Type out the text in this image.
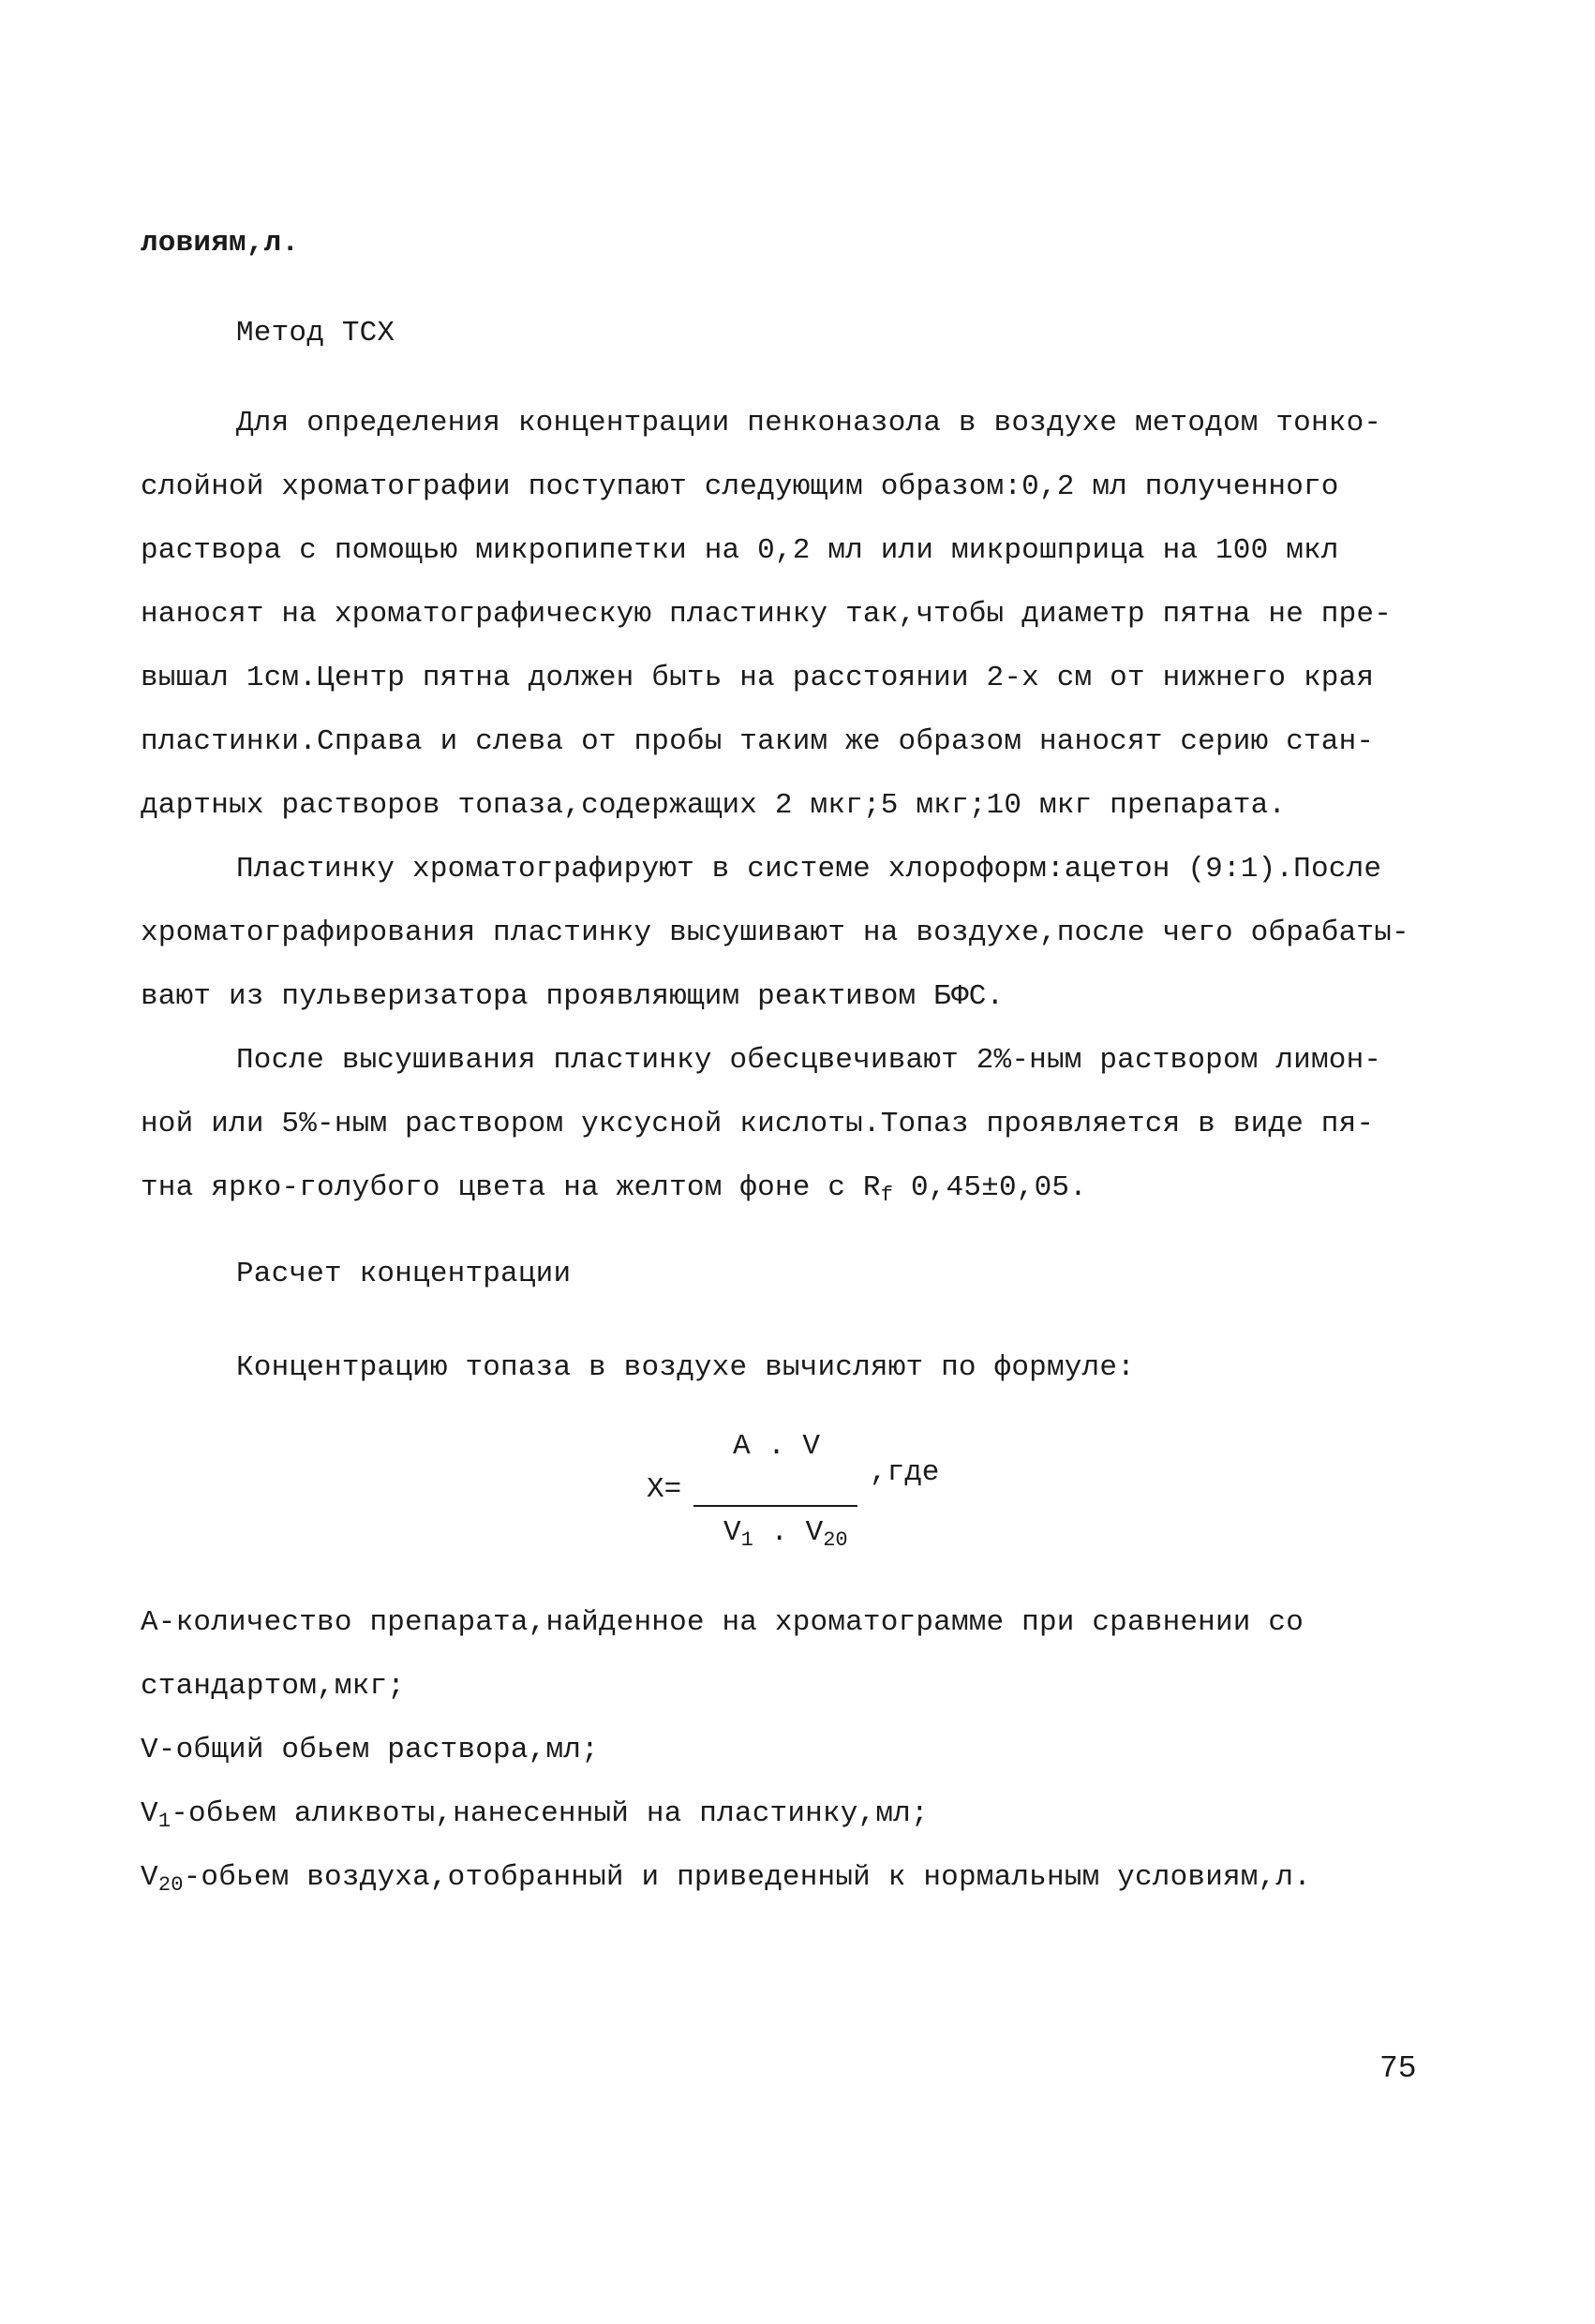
ловиям,л.
Метод ТСХ
Для определения концентрации пенконазола в воздухе методом тонко-
слойной хроматографии поступают следующим образом:0,2 мл полученного
раствора с помощью микропипетки на 0,2 мл или микрошприца на 100 мкл
наносят на хроматографическую пластинку так,чтобы диаметр пятна не пре-
вышал 1см.Центр пятна должен быть на расстоянии 2-х см от нижнего края
пластинки.Справа и слева от пробы таким же образом наносят серию стан-
дартных растворов топаза,содержащих 2 мкг;5 мкг;10 мкг препарата.
Пластинку хроматографируют в системе хлороформ:ацетон (9:1).После
хроматографирования пластинку высушивают на воздухе,после чего обрабаты-
вают из пульверизатора проявляющим реактивом БФС.
После высушивания пластинку обесцвечивают 2%-ным раствором лимон-
ной или 5%-ным раствором уксусной кислоты.Топаз проявляется в виде пя-
тна ярко-голубого цвета на желтом фоне с $R_f$ 0,45±0,05.
Расчет концентрации
Концентрацию топаза в воздухе вычисляют по формуле:
A . V
X=
,где
$V_1$ . $V_{20}$
А-количество препарата,найденное на хроматограмме при сравнении со
стандартом,мкг;
V-общий обьем раствора,мл;
$V_1$-обьем аликвоты,нанесенный на пластинку,мл;
$V_{20}$-обьем воздуха,отобранный и приведенный к нормальным условиям,л.
75
